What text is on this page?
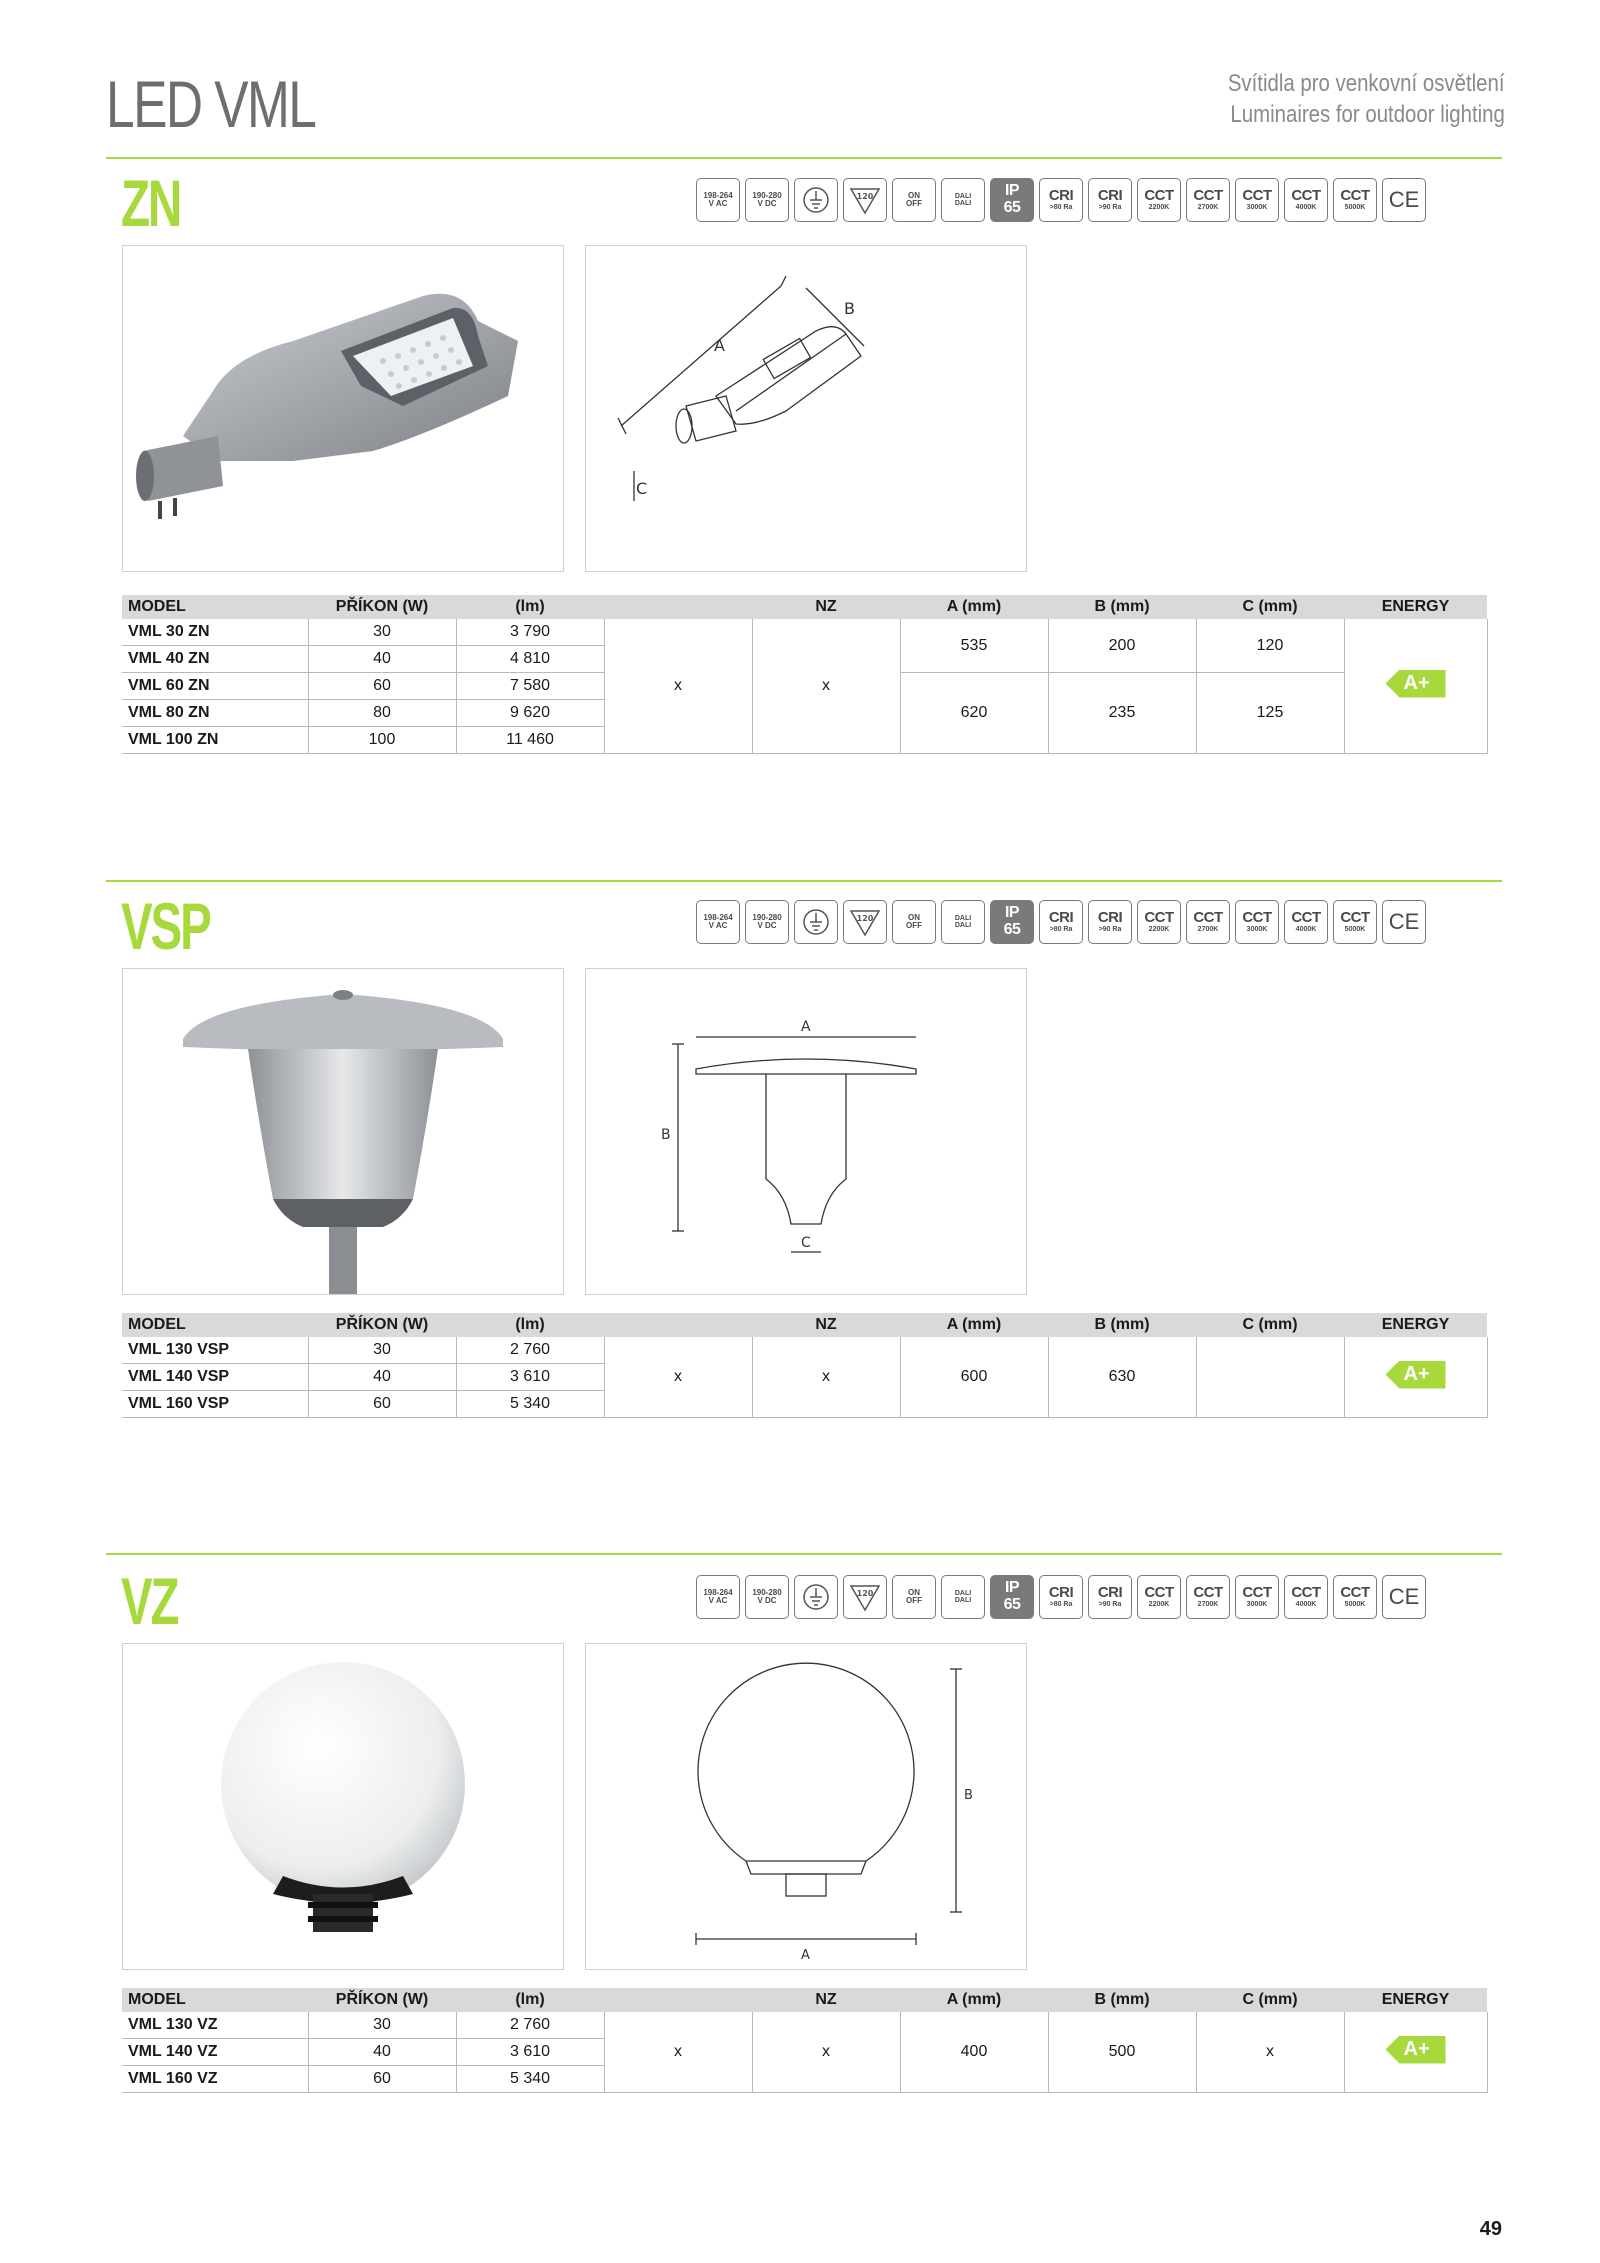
LED VML	Svítidla pro venkovní osvětlení
Luminaires for outdoor lighting
ZN	198-264
V AC
190-280
V DC
120	ON
OFF
DALI
DALI
IP
65
CRI
>80 Ra
CRI
>90 Ra
CCT
2200K
CCT
2700K
CCT
3000K
CCT
4000K
CCT
5000K CE
A
B
C
MODEL	PŘÍKON (W)	(lm)		NZ	A (mm)	B (mm)	C (mm)	ENERGY
VML 30 ZN	30	3 790	x	x	535	200	120	A+

VML 40 ZN	40	4 810						
VML 60 ZN	60	7 580			620	235	125	
VML 80 ZN	80	9 620						
VML 100 ZN	100	11 460						
VSP	198-264
V AC
190-280
V DC
120	ON
OFF
DALI
DALI
IP
65
CRI
>80 Ra
CRI
>90 Ra
CCT
2200K
CCT
2700K
CCT
3000K
CCT
4000K
CCT
5000K CE
A
B
C
MODEL	PŘÍKON (W)	(lm)		NZ	A (mm)	B (mm)	C (mm)	ENERGY
VML 130 VSP	30	2 760	x	x	600	630		A+

VML 140 VSP	40	3 610						
VML 160 VSP	60	5 340						
VZ	198-264
V AC
190-280
V DC
120	ON
OFF
DALI
DALI
IP
65
CRI
>80 Ra
CRI
>90 Ra
CCT
2200K
CCT
2700K
CCT
3000K
CCT
4000K
CCT
5000K CE
A
B
MODEL	PŘÍKON (W)	(lm)		NZ	A (mm)	B (mm)	C (mm)	ENERGY
VML 130 VZ	30	2 760	x	x	400	500	x	A+

VML 140 VZ	40	3 610						
VML 160 VZ	60	5 340						
49
